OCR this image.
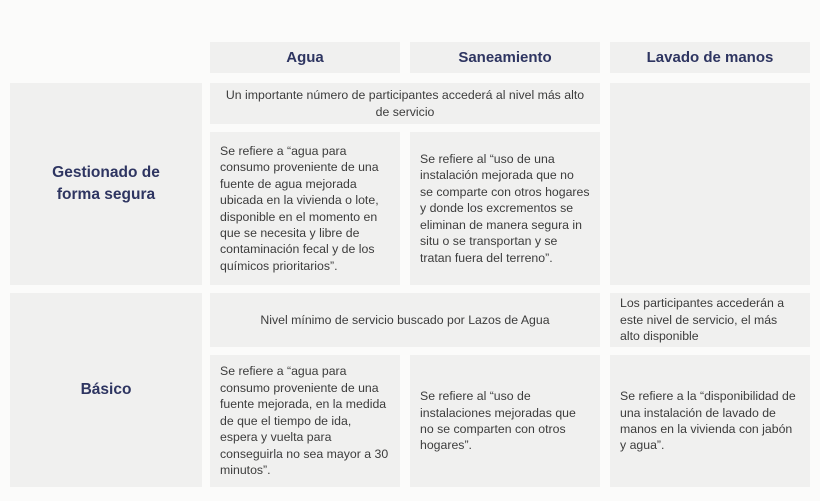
Agua	Saneamiento	Lavado de manos
Gestionado de forma segura
Un importante número de participantes accederá al nivel más alto de servicio
Se refiere a “agua para consumo proveniente de una fuente de agua mejorada ubicada en la vivienda o lote, disponible en el momento en que se necesita y libre de contaminación fecal y de los químicos prioritarios”.
Se refiere al “uso de una instalación mejorada que no se comparte con otros hogares y donde los excrementos se eliminan de manera segura in situ o se transportan y se tratan fuera del terreno”.
Básico
Nivel mínimo de servicio buscado por Lazos de Agua
Los participantes accederán a este nivel de servicio, el más alto disponible
Se refiere a “agua para consumo proveniente de una fuente mejorada, en la medida de que el tiempo de ida, espera y vuelta para conseguirla no sea mayor a 30 minutos”.
Se refiere al “uso de instalaciones mejoradas que no se comparten con otros hogares”.
Se refiere a la “disponibilidad de una instalación de lavado de manos en la vivienda con jabón y agua”.
